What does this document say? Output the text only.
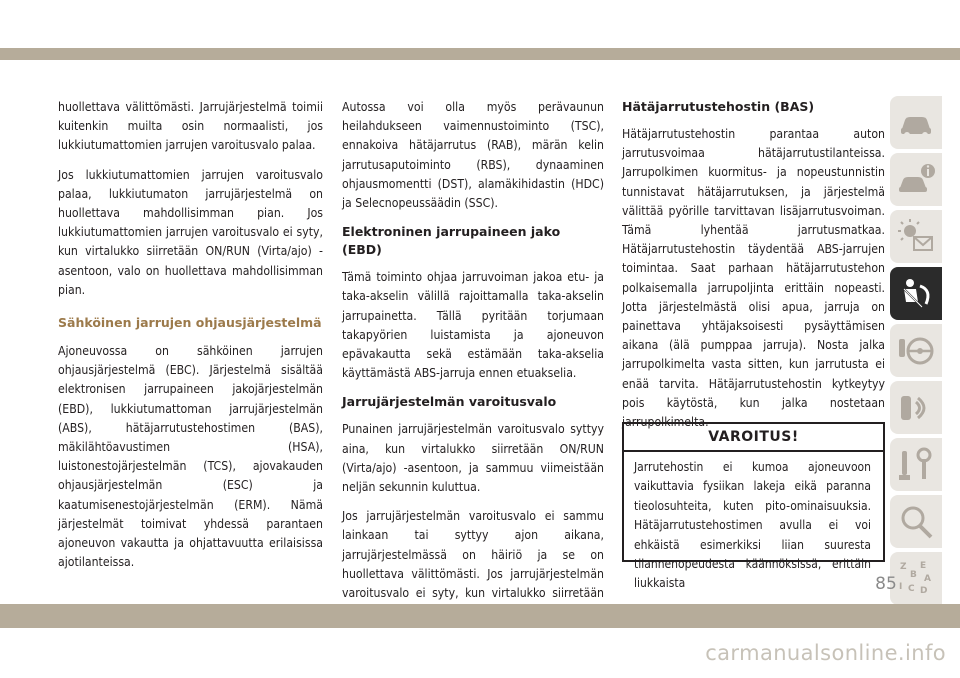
huollettava välittömästi. Jarrujärjestelmä toimii kuitenkin muilta osin normaalisti, jos lukkiutumattomien jarrujen varoitusvalo palaa.

Jos lukkiutumattomien jarrujen varoitusvalo palaa, lukkiutumaton jarrujärjestelmä on huollettava mahdollisimman pian. Jos lukkiutumattomien jarrujen varoitusvalo ei syty, kun virtalukko siirretään ON/RUN (Virta/ajo) -asentoon, valo on huollettava mahdollisimman pian.

Sähköinen jarrujen ohjausjärjestelmä

Ajoneuvossa on sähköinen jarrujen ohjausjärjestelmä (EBC). Järjestelmä sisältää elektronisen jarrupaineen jakojärjestelmän (EBD), lukkiutumattoman jarrujärjestelmän (ABS), hätäjarrutustehostimen (BAS), mäkilähtöavustimen (HSA), luistonestojärjestelmän (TCS), ajovakauden ohjausjärjestelmän (ESC) ja kaatumisenestojärjestelmän (ERM). Nämä järjestelmät toimivat yhdessä parantaen ajoneuvon vakautta ja ohjattavuutta erilaisissa ajotilanteissa.

Autossa voi olla myös perävaunun heilahdukseen vaimennustoiminto (TSC), ennakoiva hätäjarrutus (RAB), märän kelin jarrutusaputoiminto (RBS), dynaaminen ohjausmomentti (DST), alamäkihidastin (HDC) ja Selecnopeussäädin (SSC).

Elektroninen jarrupaineen jako (EBD)

Tämä toiminto ohjaa jarruvoiman jakoa etu- ja taka-akselin välillä rajoittamalla taka-akselin jarrupainetta. Tällä pyritään torjumaan takapyörien luistamista ja ajoneuvon epävakautta sekä estämään taka-akselia käyttämästä ABS-jarruja ennen etuakselia.

Jarrujärjestelmän varoitusvalo

Punainen jarrujärjestelmän varoitusvalo syttyy aina, kun virtalukko siirretään ON/RUN (Virta/ajo) -asentoon, ja sammuu viimeistään neljän sekunnin kuluttua.

Jos jarrujärjestelmän varoitusvalo ei sammu lainkaan tai syttyy ajon aikana, jarrujärjestelmässä on häiriö ja se on huollettava välittömästi. Jos jarrujärjestelmän varoitusvalo ei syty, kun virtalukko siirretään

Hätäjarrutustehostin (BAS)

Hätäjarrutustehostin parantaa auton jarrutusvoimaa hätäjarrutustilanteissa. Jarrupolkimen kuormitus- ja nopeustunnistin tunnistavat hätäjarrutuksen, ja järjestelmä välittää pyörille tarvittavan lisäjarrutusvoiman. Tämä lyhentää jarrutusmatkaa. Hätäjarrutustehostin täydentää ABS-jarrujen toimintaa. Saat parhaan hätäjarrutustehon polkaisemalla jarrupoljinta erittäin nopeasti. Jotta järjestelmästä olisi apua, jarruja on painettava yhtäjaksoisesti pysäyttämisen aikana (älä pumppaa jarruja). Nosta jalka jarrupolkimelta vasta sitten, kun jarrutusta ei enää tarvita. Hätäjarrutustehostin kytkeytyy pois käytöstä, kun jalka nostetaan jarrupolkimelta.

VAROITUS!
Jarrutehostin ei kumoa ajoneuvoon vaikuttavia fysiikan lakeja eikä paranna tieolosuhteita, kuten pito-ominaisuuksia. Hätäjarrutustehostimen avulla ei voi ehkäistä esimerkiksi liian suuresta tilannenopeudesta käännöksissä, erittäin liukkaista
Z E
B A
I C D
85
carmanualsonline.info
